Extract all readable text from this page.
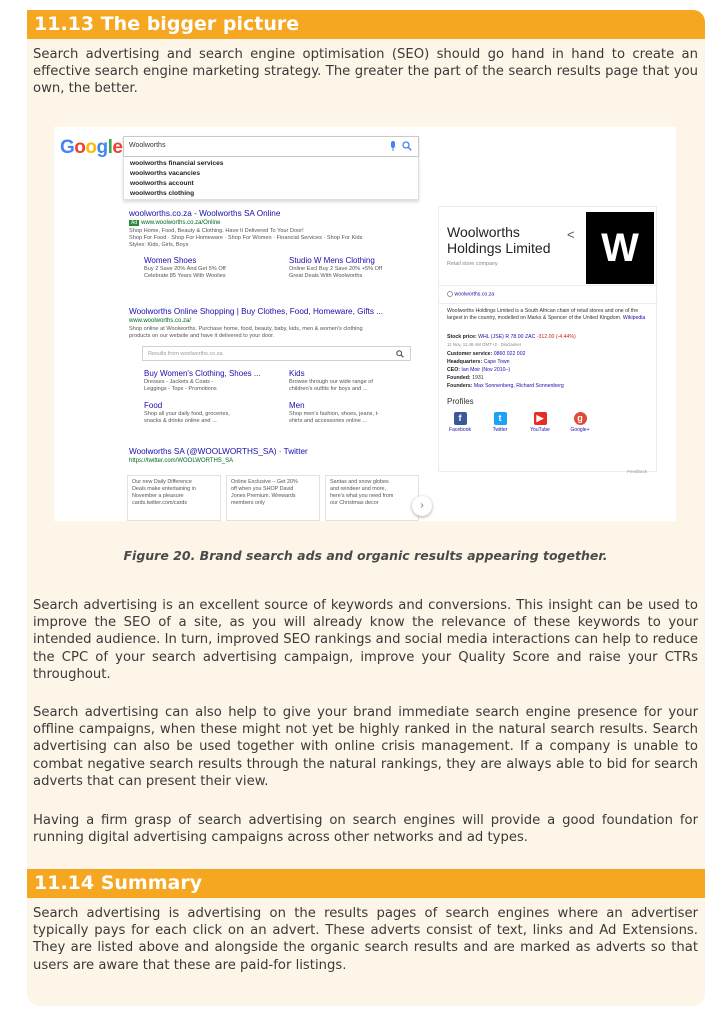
11.13 The bigger picture

Search advertising and search engine optimisation (SEO) should go hand in hand to create an effective search engine marketing strategy. The greater the part of the search results page that you own, the better.

Google Woolworths
woolworths financial services
woolworths vacancies
woolworths account
woolworths clothing
woolworths.co.za - Woolworths SA Online
Ad www.woolworths.co.za/Online
Shop Home, Food, Beauty & Clothing. Have It Delivered To Your Door!
Shop For Food · Shop For Homeware · Shop For Women · Financial Services · Shop For Kids
Styles: Kids, Girls, Boys
Women Shoes
Buy 2 Save 20% And Get 5% Off
Celebrate 85 Years With Woolies
Studio W Mens Clothing
Online Excl Buy 2 Save 20% +5% Off
Great Deals With Woolworths
Woolworths Online Shopping | Buy Clothes, Food, Homeware, Gifts ...
www.woolworths.co.za/
Shop online at Woolworths. Purchase home, food, beauty, baby, kids, men & women's clothing
products on our website and have it delivered to your door.
Results from woolworths.co.za
Buy Women's Clothing, Shoes ...
Dresses - Jackets & Coats -
Leggings - Tops - Promotions
Kids
Browse through our wide range of
children's outfits for boys and ...
Food
Shop all your daily food, groceries,
snacks & drinks online and ...
Men
Shop men's fashion, shoes, jeans, t-
shirts and accessories online ...
Woolworths SA (@WOOLWORTHS_SA) · Twitter
https://twitter.com/WOOLWORTHS_SA
Our new Daily Difference
Deals make entertaining in
November a pleasure
cards.twitter.com/cards
Online Exclusive – Get 20%
off when you SHOP David
Jones Premium. Wrewards
members only
Santas and snow globes
and reindeer and more,
here's what you need from
our Christmas decor	›
Woolworths Holdings Limited
Retail store company
< W
woolworths.co.za
Woolworths Holdings Limited is a South African chain of retail stores and one of the largest in the country, modelled on Marks & Spencer of the United Kingdom. Wikipedia
Stock price: WHL (JSE) R 78.00 ZAC -312.00 (-4.44%)
11 Nov, 11:48 AM GMT+2 · Disclaimer
Customer service: 0860 022 002
Headquarters: Cape Town
CEO: Ian Moir (Nov 2010–)
Founded: 1931
Founders: Max Sonnenberg, Richard Sonnenberg
Profiles
f
Facebook
t
Twitter
▶
YouTube
g
Google+
Feedback
Figure 20. Brand search ads and organic results appearing together.

Search advertising is an excellent source of keywords and conversions. This insight can be used to improve the SEO of a site, as you will already know the relevance of these keywords to your intended audience. In turn, improved SEO rankings and social media interactions can help to reduce the CPC of your search advertising campaign, improve your Quality Score and raise your CTRs throughout.

Search advertising can also help to give your brand immediate search engine presence for your offline campaigns, when these might not yet be highly ranked in the natural search results. Search advertising can also be used together with online crisis management. If a company is unable to combat negative search results through the natural rankings, they are always able to bid for search adverts that can present their view.

Having a firm grasp of search advertising on search engines will provide a good foundation for running digital advertising campaigns across other networks and ad types.

11.14 Summary

Search advertising is advertising on the results pages of search engines where an advertiser typically pays for each click on an advert. These adverts consist of text, links and Ad Extensions. They are listed above and alongside the organic search results and are marked as adverts so that users are aware that these are paid-for listings.
